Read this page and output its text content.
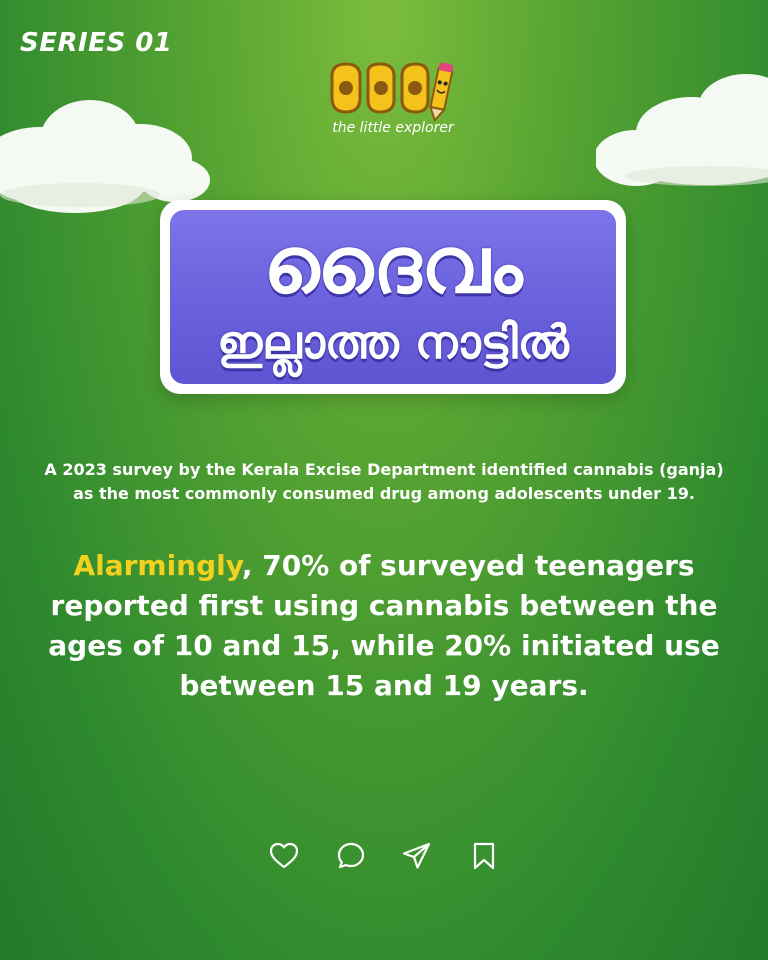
SERIES 01
the little explorer
ദൈവം
ഇല്ലാത്ത നാട്ടിൽ
A 2023 survey by the Kerala Excise Department identified cannabis (ganja) as the most commonly consumed drug among adolescents under 19.
Alarmingly, 70% of surveyed teenagers reported first using cannabis between the ages of 10 and 15, while 20% initiated use between 15 and 19 years.
